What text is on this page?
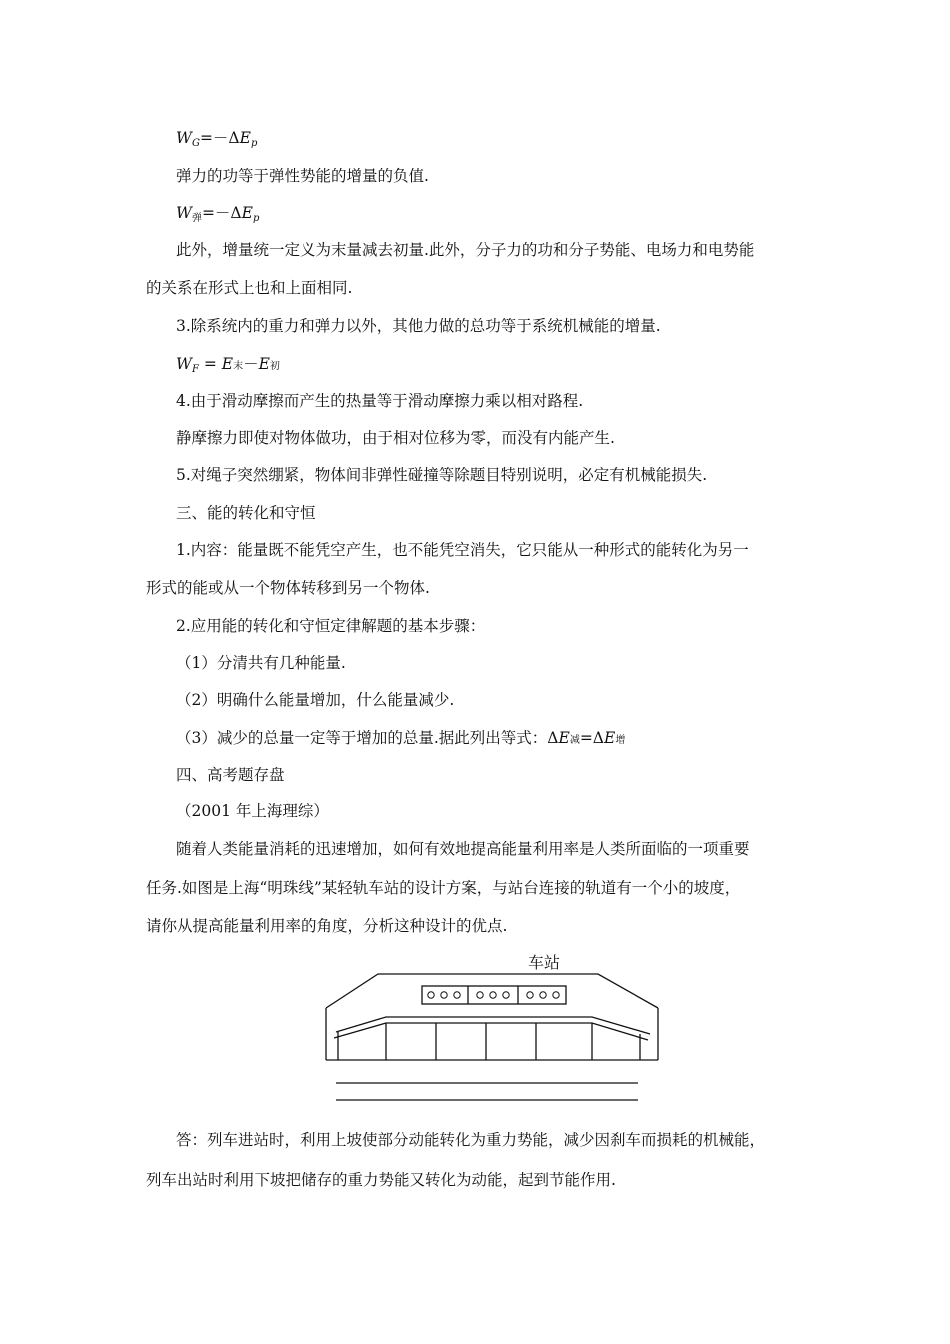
WG=－ΔEp
弹力的功等于弹性势能的增量的负值.
W弹=－ΔEp
此外，增量统一定义为末量减去初量.此外，分子力的功和分子势能、电场力和电势能
的关系在形式上也和上面相同.
3.除系统内的重力和弹力以外，其他力做的总功等于系统机械能的增量.
WF = E末－E初
4.由于滑动摩擦而产生的热量等于滑动摩擦力乘以相对路程.
静摩擦力即使对物体做功，由于相对位移为零，而没有内能产生.
5.对绳子突然绷紧，物体间非弹性碰撞等除题目特别说明，必定有机械能损失.
三、能的转化和守恒
1.内容：能量既不能凭空产生，也不能凭空消失，它只能从一种形式的能转化为另一
形式的能或从一个物体转移到另一个物体.
2.应用能的转化和守恒定律解题的基本步骤：
（1）分清共有几种能量.
（2）明确什么能量增加，什么能量减少.
（3）减少的总量一定等于增加的总量.据此列出等式：ΔE减=ΔE增
四、高考题存盘
（2001 年上海理综）
随着人类能量消耗的迅速增加，如何有效地提高能量利用率是人类所面临的一项重要
任务.如图是上海“明珠线”某轻轨车站的设计方案，与站台连接的轨道有一个小的坡度，
请你从提高能量利用率的角度，分析这种设计的优点.
车站
答：列车进站时，利用上坡使部分动能转化为重力势能，减少因刹车而损耗的机械能，
列车出站时利用下坡把储存的重力势能又转化为动能，起到节能作用.
